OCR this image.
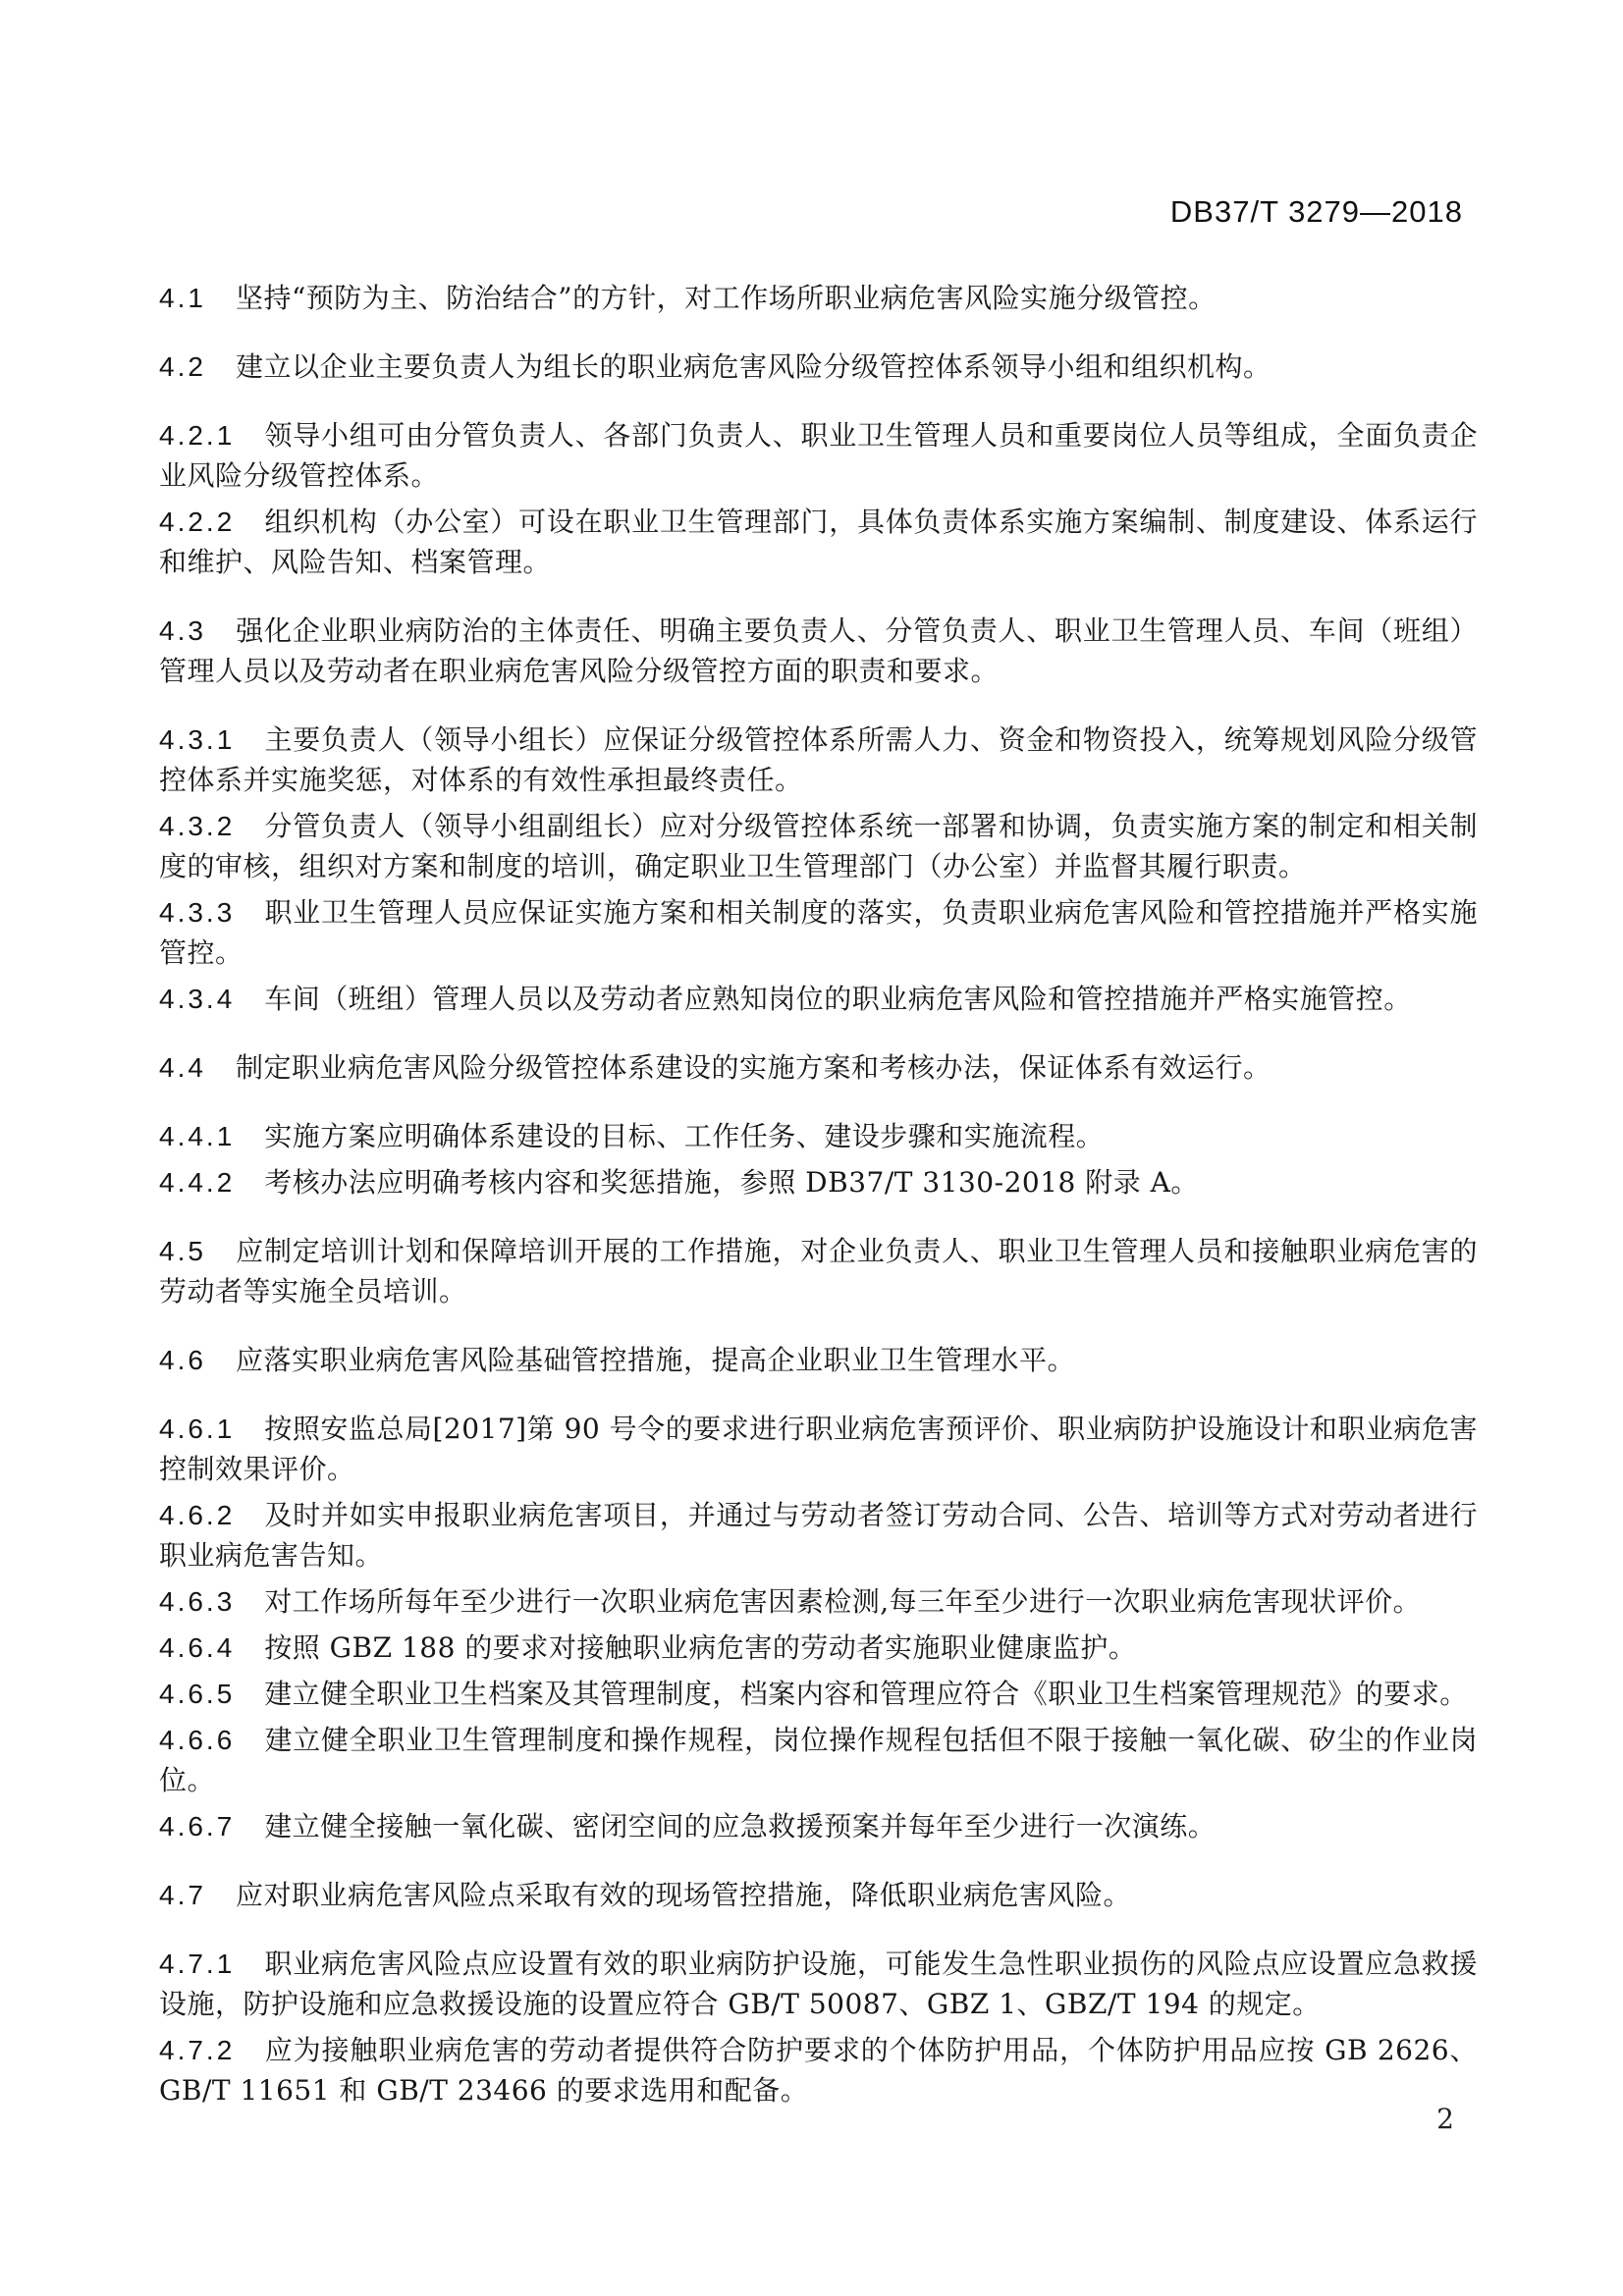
DB37/T 3279—2018

4.1 坚持“预防为主、防治结合”的方针，对工作场所职业病危害风险实施分级管控。

4.2 建立以企业主要负责人为组长的职业病危害风险分级管控体系领导小组和组织机构。

4.2.1 领导小组可由分管负责人、各部门负责人、职业卫生管理人员和重要岗位人员等组成，全面负责企业风险分级管控体系。

4.2.2 组织机构（办公室）可设在职业卫生管理部门，具体负责体系实施方案编制、制度建设、体系运行和维护、风险告知、档案管理。

4.3 强化企业职业病防治的主体责任、明确主要负责人、分管负责人、职业卫生管理人员、车间（班组）管理人员以及劳动者在职业病危害风险分级管控方面的职责和要求。

4.3.1 主要负责人（领导小组长）应保证分级管控体系所需人力、资金和物资投入，统筹规划风险分级管控体系并实施奖惩，对体系的有效性承担最终责任。

4.3.2 分管负责人（领导小组副组长）应对分级管控体系统一部署和协调，负责实施方案的制定和相关制度的审核，组织对方案和制度的培训，确定职业卫生管理部门（办公室）并监督其履行职责。

4.3.3 职业卫生管理人员应保证实施方案和相关制度的落实，负责职业病危害风险和管控措施并严格实施管控。

4.3.4 车间（班组）管理人员以及劳动者应熟知岗位的职业病危害风险和管控措施并严格实施管控。

4.4 制定职业病危害风险分级管控体系建设的实施方案和考核办法，保证体系有效运行。

4.4.1 实施方案应明确体系建设的目标、工作任务、建设步骤和实施流程。

4.4.2 考核办法应明确考核内容和奖惩措施，参照 DB37/T 3130-2018 附录 A。

4.5 应制定培训计划和保障培训开展的工作措施，对企业负责人、职业卫生管理人员和接触职业病危害的劳动者等实施全员培训。

4.6 应落实职业病危害风险基础管控措施，提高企业职业卫生管理水平。

4.6.1 按照安监总局[2017]第 90 号令的要求进行职业病危害预评价、职业病防护设施设计和职业病危害控制效果评价。

4.6.2 及时并如实申报职业病危害项目，并通过与劳动者签订劳动合同、公告、培训等方式对劳动者进行职业病危害告知。

4.6.3 对工作场所每年至少进行一次职业病危害因素检测,每三年至少进行一次职业病危害现状评价。

4.6.4 按照 GBZ 188 的要求对接触职业病危害的劳动者实施职业健康监护。

4.6.5 建立健全职业卫生档案及其管理制度，档案内容和管理应符合《职业卫生档案管理规范》的要求。

4.6.6 建立健全职业卫生管理制度和操作规程，岗位操作规程包括但不限于接触一氧化碳、矽尘的作业岗位。

4.6.7 建立健全接触一氧化碳、密闭空间的应急救援预案并每年至少进行一次演练。

4.7 应对职业病危害风险点采取有效的现场管控措施，降低职业病危害风险。

4.7.1 职业病危害风险点应设置有效的职业病防护设施，可能发生急性职业损伤的风险点应设置应急救援设施，防护设施和应急救援设施的设置应符合 GB/T 50087、GBZ 1、GBZ/T 194 的规定。

4.7.2 应为接触职业病危害的劳动者提供符合防护要求的个体防护用品，个体防护用品应按 GB 2626、GB/T 11651 和 GB/T 23466 的要求选用和配备。

2
